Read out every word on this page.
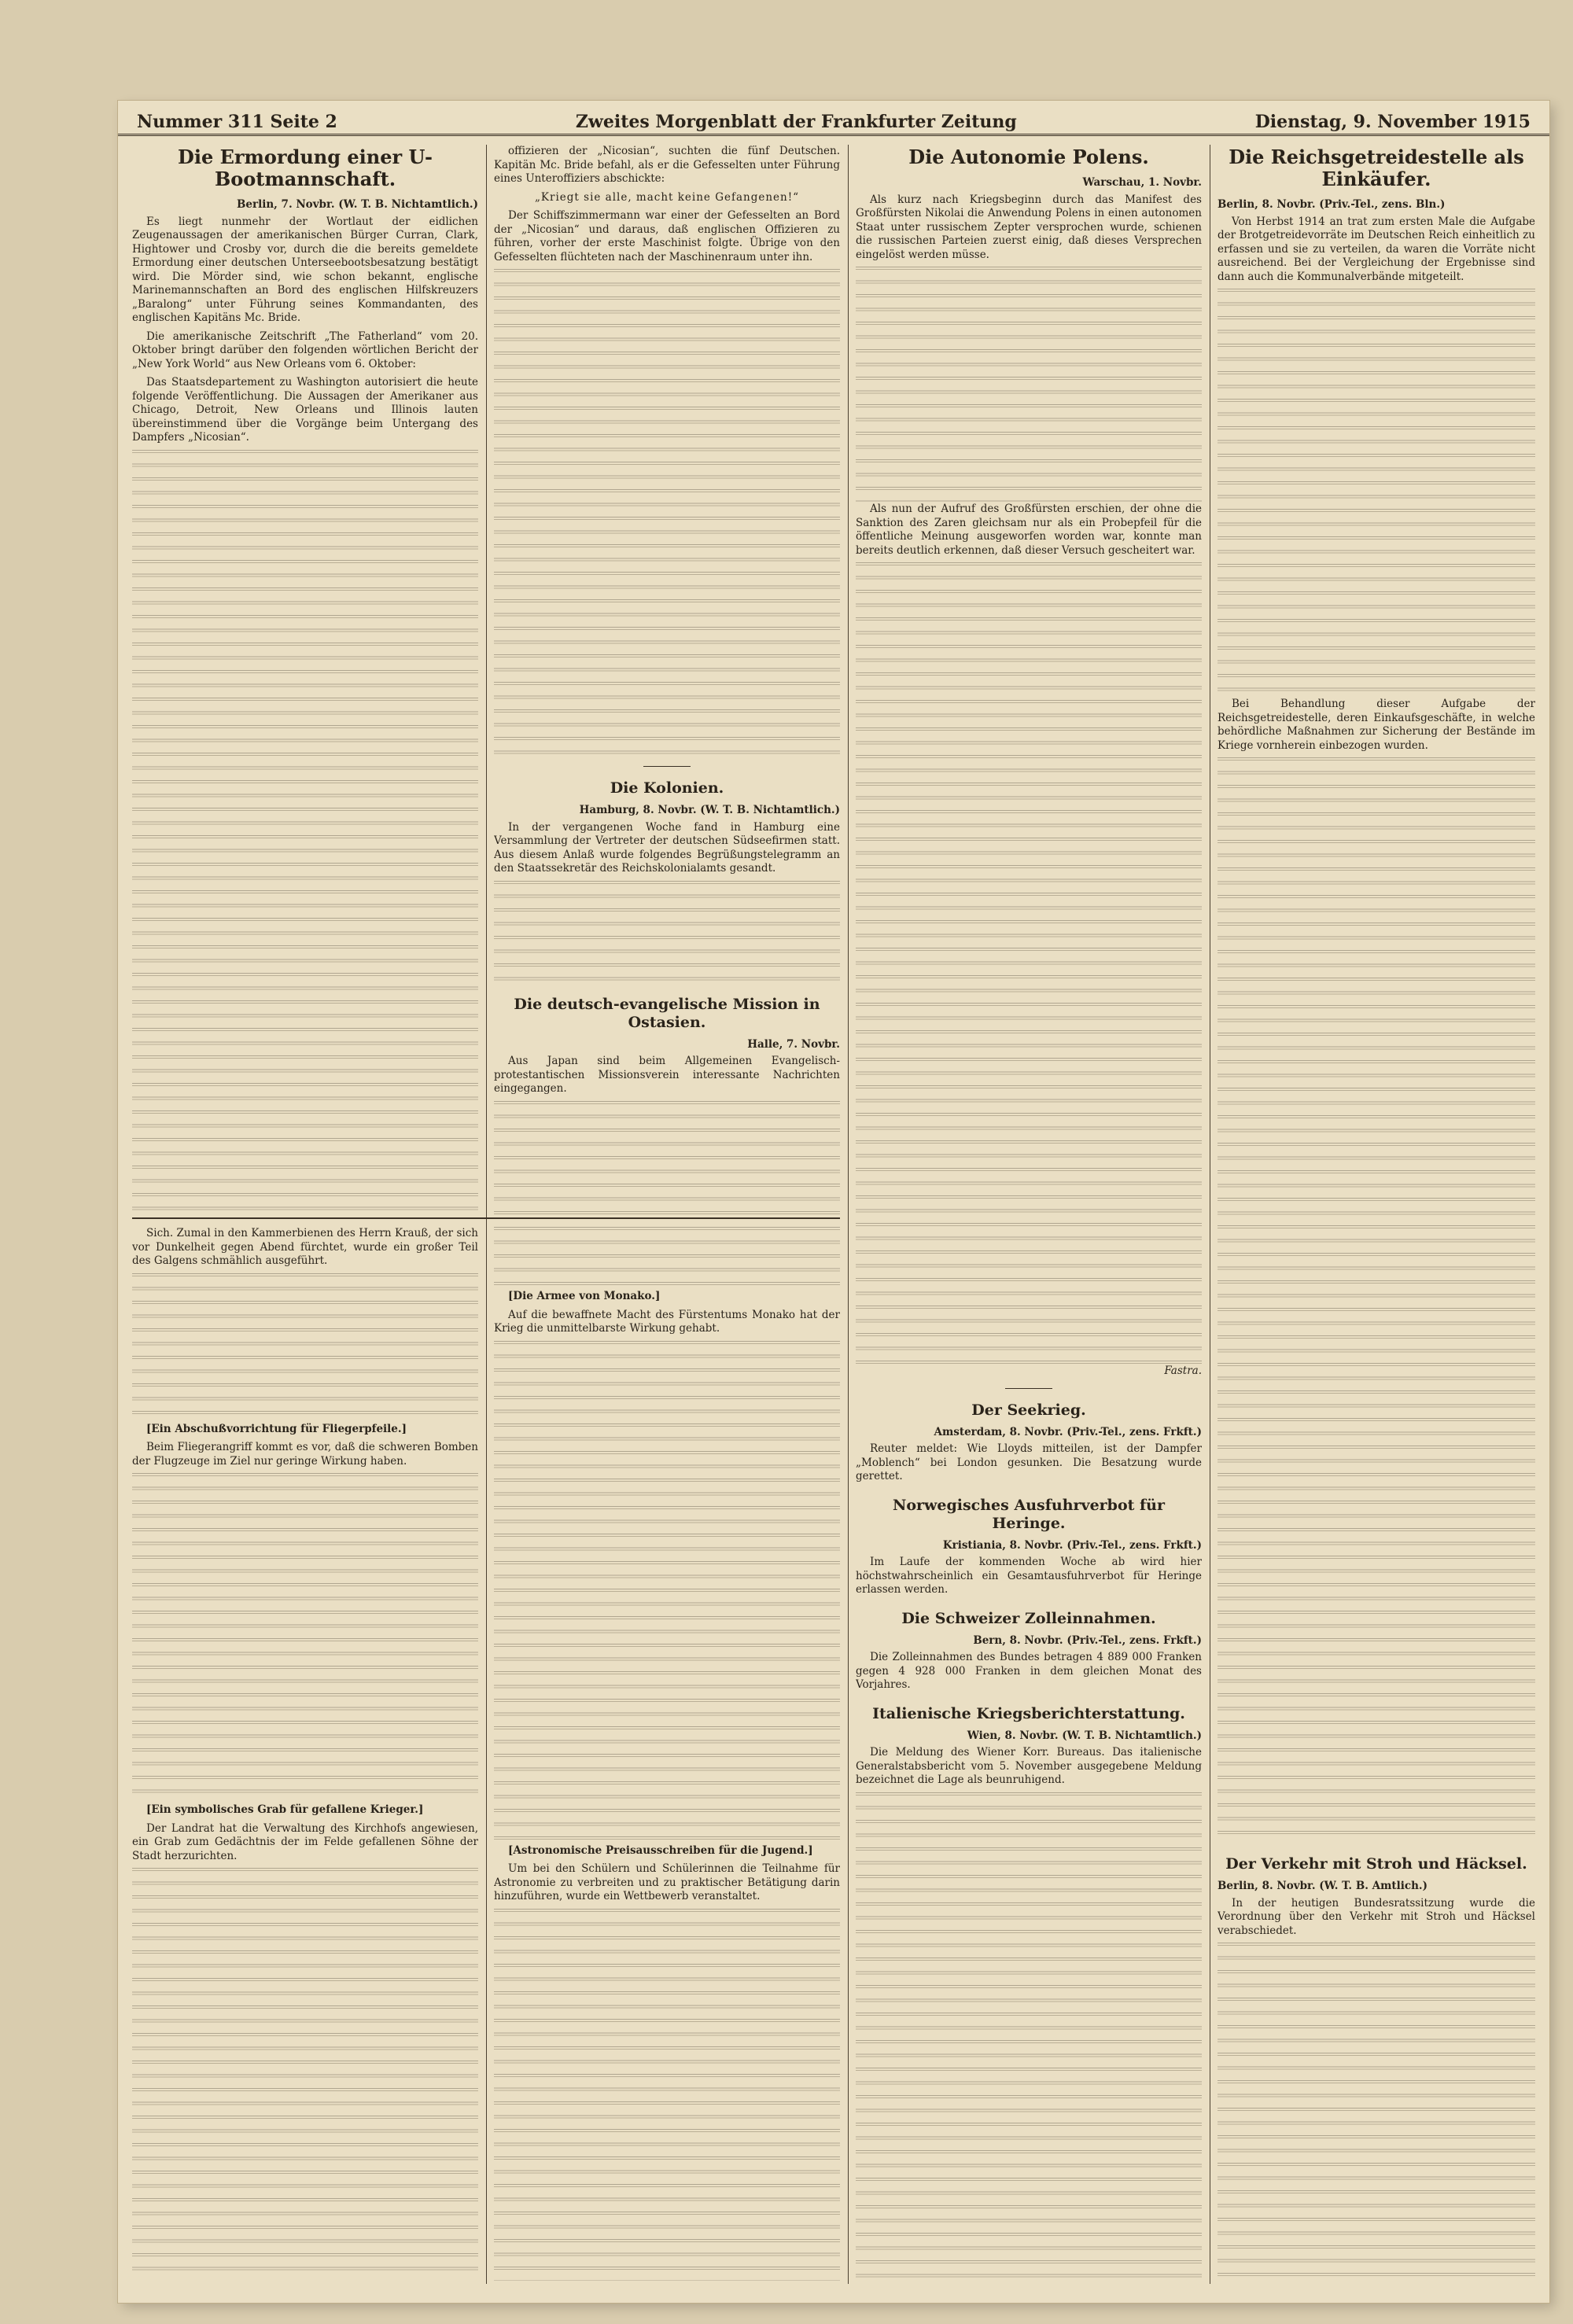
Nummer 311 Seite 2	Zweites Morgenblatt der Frankfurter Zeitung	Dienstag, 9. November 1915
Die Ermordung einer U-Bootmannschaft.
Berlin, 7. Novbr. (W. T. B. Nichtamtlich.)

Es liegt nunmehr der Wortlaut der eidlichen Zeugenaussagen der amerikanischen Bürger Curran, Clark, Hightower und Crosby vor, durch die die bereits gemeldete Ermordung einer deutschen Unterseebootsbesatzung bestätigt wird. Die Mörder sind, wie schon bekannt, englische Marinemannschaften an Bord des englischen Hilfskreuzers „Baralong“ unter Führung seines Kommandanten, des englischen Kapitäns Mc. Bride.

Die amerikanische Zeitschrift „The Fatherland“ vom 20. Oktober bringt darüber den folgenden wörtlichen Bericht der „New York World“ aus New Orleans vom 6. Oktober:

Das Staatsdepartement zu Washington autorisiert die heute folgende Veröffentlichung. Die Aussagen der Amerikaner aus Chicago, Detroit, New Orleans und Illinois lauten übereinstimmend über die Vorgänge beim Untergang des Dampfers „Nicosian“.

offizieren der „Nicosian“, suchten die fünf Deutschen. Kapitän Mc. Bride befahl, als er die Gefesselten unter Führung eines Unteroffiziers abschickte:

„Kriegt sie alle, macht keine Gefangenen!“

Der Schiffszimmermann war einer der Gefesselten an Bord der „Nicosian“ und daraus, daß englischen Offizieren zu führen, vorher der erste Maschinist folgte. Übrige von den Gefesselten flüchteten nach der Maschinenraum unter ihn.

Die Kolonien.
Hamburg, 8. Novbr. (W. T. B. Nichtamtlich.)

In der vergangenen Woche fand in Hamburg eine Versammlung der Vertreter der deutschen Südseefirmen statt. Aus diesem Anlaß wurde folgendes Begrüßungstelegramm an den Staatssekretär des Reichskolonialamts gesandt.

Die deutsch-evangelische Mission in Ostasien.
Halle, 7. Novbr.

Aus Japan sind beim Allgemeinen Evangelisch-protestantischen Missionsverein interessante Nachrichten eingegangen.

Die Autonomie Polens.
Warschau, 1. Novbr.

Als kurz nach Kriegsbeginn durch das Manifest des Großfürsten Nikolai die Anwendung Polens in einen autonomen Staat unter russischem Zepter versprochen wurde, schienen die russischen Parteien zuerst einig, daß dieses Versprechen eingelöst werden müsse.

Als nun der Aufruf des Großfürsten erschien, der ohne die Sanktion des Zaren gleichsam nur als ein Probepfeil für die öffentliche Meinung ausgeworfen worden war, konnte man bereits deutlich erkennen, daß dieser Versuch gescheitert war.

Fastra.
Der Seekrieg.
Amsterdam, 8. Novbr. (Priv.-Tel., zens. Frkft.)

Reuter meldet: Wie Lloyds mitteilen, ist der Dampfer „Moblench“ bei London gesunken. Die Besatzung wurde gerettet.

Norwegisches Ausfuhrverbot für Heringe.
Kristiania, 8. Novbr. (Priv.-Tel., zens. Frkft.)

Im Laufe der kommenden Woche ab wird hier höchstwahrscheinlich ein Gesamtausfuhrverbot für Heringe erlassen werden.

Die Schweizer Zolleinnahmen.
Bern, 8. Novbr. (Priv.-Tel., zens. Frkft.)

Die Zolleinnahmen des Bundes betragen 4 889 000 Franken gegen 4 928 000 Franken in dem gleichen Monat des Vorjahres.

Italienische Kriegsberichterstattung.
Wien, 8. Novbr. (W. T. B. Nichtamtlich.)

Die Meldung des Wiener Korr. Bureaus. Das italienische Generalstabsbericht vom 5. November ausgegebene Meldung bezeichnet die Lage als beunruhigend.

Die Reichsgetreidestelle als Einkäufer.
Berlin, 8. Novbr. (Priv.-Tel., zens. Bln.)

Von Herbst 1914 an trat zum ersten Male die Aufgabe der Brotgetreidevorräte im Deutschen Reich einheitlich zu erfassen und sie zu verteilen, da waren die Vorräte nicht ausreichend. Bei der Vergleichung der Ergebnisse sind dann auch die Kommunalverbände mitgeteilt.

Bei Behandlung dieser Aufgabe der Reichsgetreidestelle, deren Einkaufsgeschäfte, in welche behördliche Maßnahmen zur Sicherung der Bestände im Kriege vornherein einbezogen wurden.

Der Verkehr mit Stroh und Häcksel.
Berlin, 8. Novbr. (W. T. B. Amtlich.)

In der heutigen Bundesratssitzung wurde die Verordnung über den Verkehr mit Stroh und Häcksel verabschiedet.

Sich. Zumal in den Kammerbienen des Herrn Krauß, der sich vor Dunkelheit gegen Abend fürchtet, wurde ein großer Teil des Galgens schmählich ausgeführt.

[Ein Abschußvorrichtung für Fliegerpfeile.]

Beim Fliegerangriff kommt es vor, daß die schweren Bomben der Flugzeuge im Ziel nur geringe Wirkung haben.

[Ein symbolisches Grab für gefallene Krieger.]

Der Landrat hat die Verwaltung des Kirchhofs angewiesen, ein Grab zum Gedächtnis der im Felde gefallenen Söhne der Stadt herzurichten.

[Die Armee von Monako.]

Auf die bewaffnete Macht des Fürstentums Monako hat der Krieg die unmittelbarste Wirkung gehabt.

[Astronomische Preisausschreiben für die Jugend.]

Um bei den Schülern und Schülerinnen die Teilnahme für Astronomie zu verbreiten und zu praktischer Betätigung darin hinzuführen, wurde ein Wettbewerb veranstaltet.
